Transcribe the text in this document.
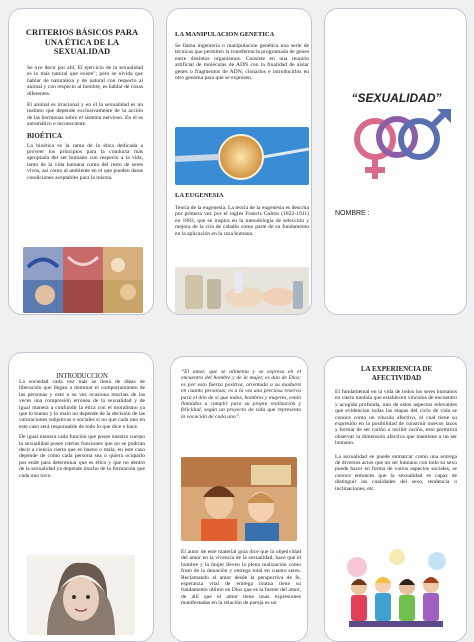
CRITERIOS BÁSICOS PARA UNA ÉTICA DE LA SEXUALIDAD

Se oye decir por allí, El ejercicio de la sexualidad es lo más natural que existe"; pero se olvida que hablar de naturaleza y de natural con respecto al animal y con respecto al hombre, es hablar de cosas diferentes.

El animal es irracional y en él la sexualidad es un instinto que depende exclusivamente de la acción de las hormonas sobre el sistema nervioso. En él es automático e inconsciente.

BIOÉTICA

La bioética es la rama de la ética dedicada a proveer los principios para la conducta más apropiada del ser humano con respecto a la vida, tanto de la vida humana como del resto de seres vivos, así como al ambiente en el que pueden darse condiciones aceptables para la misma.

LA MANIPULACION GENETICA

Se llama ingeniería o manipulación genética una serie de técnicas que permiten la transferencia programada de genes entre distintos organismos. Consiste en una reunión artificial de moléculas de ADN con la finalidad de aislar genes o fragmentos de ADN, clonarlos e introducirlos en otro genoma para que se expresen.

LA EUGENESIA

Teoría de la eugenesia. La teoría de la eugenesia es descrita por primera vez por el inglés Francis Galton (1822-1911) en 1883, que se inspira en la metodología de selección y mejora de la cría de caballo como parte de su fundamento en la aplicación en la raza humana.

“SEXUALIDAD”
NOMBRE :
INTRODUCCION

La sociedad cada vez más se llena de ideas de liberación que llegan a dominar el comportamiento de las personas y esto a su vez ocasiona muchas de las veces una compresión errónea de la sexualidad y de igual manera a confundir la ética con el moralismo ya que lo bueno y lo malo no depende de la decisión de las valoraciones subjetivas o sociales si no que cada uno en este caso será responsable de todo lo que dice o hace.

De igual manera cada función que posee nuestro cuerpo la sexualidad posee ciertas funciones que no se podrían decir a ciencia cierta que es bueno o mala, en este caso depende de como cada persona sea o quiera ocuparlo por ende para determinar que es ético y que no dentro de la sexualidad ya depende mucho de la formación que cada uno tuvo.

“El amor, que se alimenta y se expresa en el encuentro del hombre y de la mujer, es don de Dios; es por esto fuerza positiva, orientada a su madurez en cuanto personas; es a la vez una preciosa reserva para el don de sí que todos, hombres y mujeres, están llamados a cumplir para su propia realización y felicidad, según un proyecto de vida que representa la vocación de cada uno”.

El autor de este material guía dice que la objetividad del amor en la vivencia de la sexualidad, hace que el hombre y la mujer lleven la plena realización como fruto de la donación y entrega total en cuanto seres. Reclamando al amor desde la perspectiva de fe, esperanza vital de entrega mutua tiene su fundamento último en Dios que es la fuente del amor, de allí que el amor tiene unas expresiones manifestadas en la relación de pareja es un

LA EXPERIENCIA DE AFECTIVIDAD

El fundamental en la vida de todos los seres humanos en cierta medida que establecen vínculos de encuentro y acogida profunda, uno de estos aspectos relevantes que evidencian todas las etapas del ciclo de vida se conoce como un vínculo afectivo, el cual tiene su expresión en la posibilidad de construir nuevos lazos y formar de ser cariño o recibir cariño, esto permitirá observar la dimensión afectiva que mantiene a un ser humano.

La sexualidad se puede enmarcar como una entrega de diversos actos que un ser humano con todo su sexo puede hacer en forma de varios aspectos sociales, se conoce entonces que la sexualidad es capaz de distinguir las cualidades del sexo, tendencia o inclinaciones, etc.
